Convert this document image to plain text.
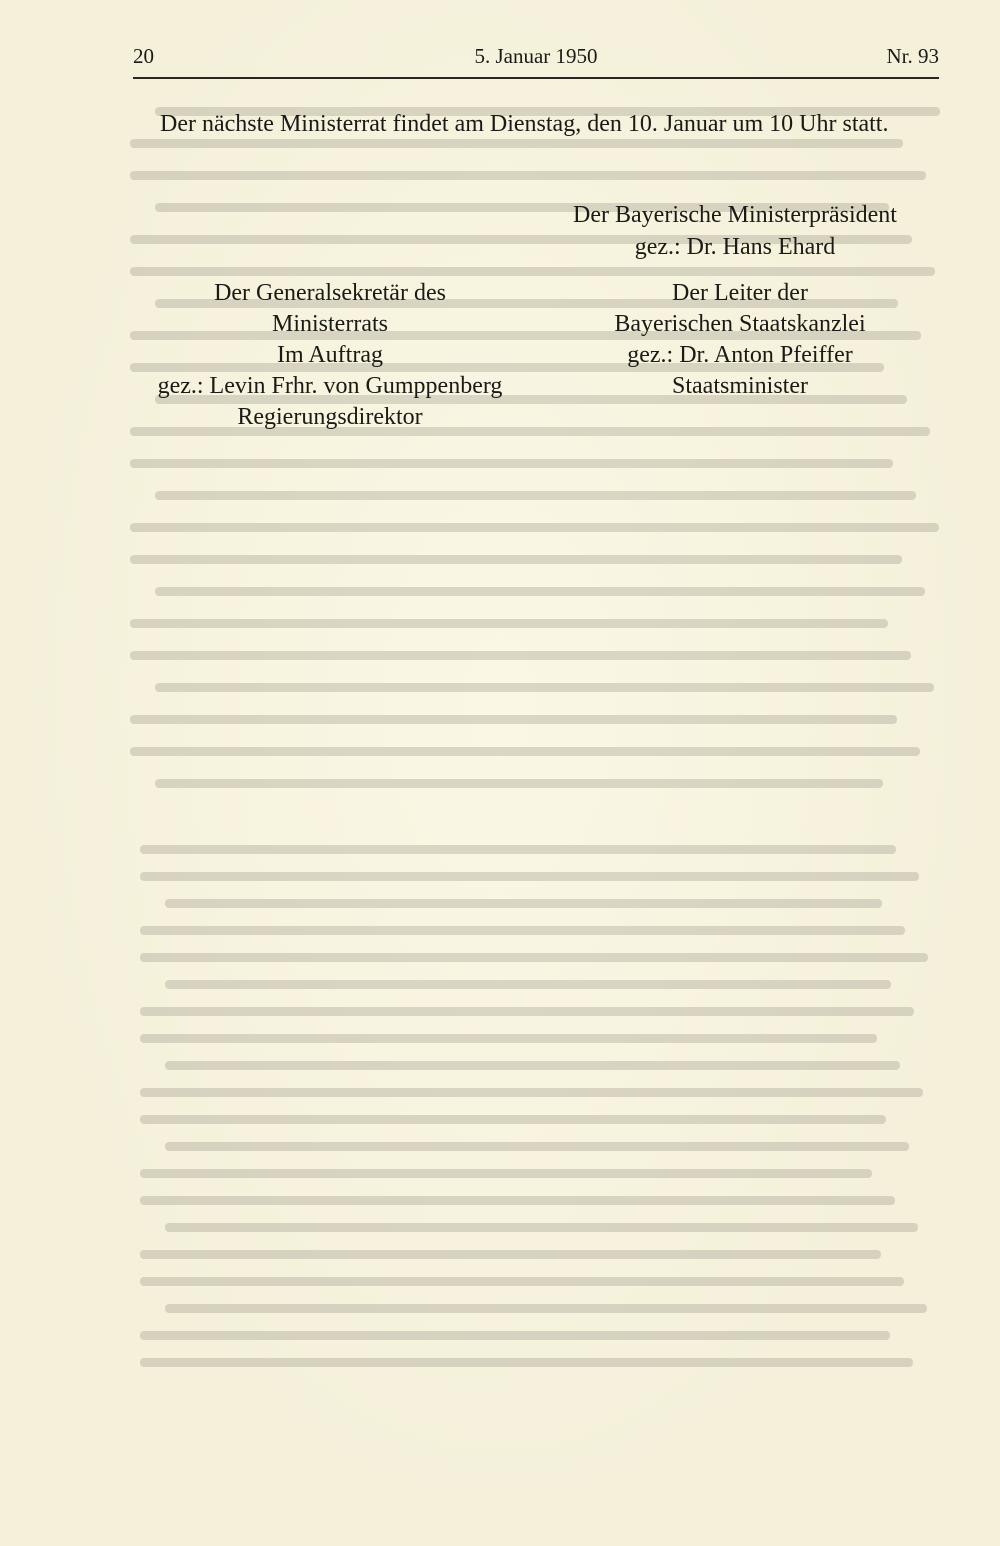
20	5. Januar 1950	Nr. 93
Der nächste Ministerrat findet am Dienstag, den 10. Januar um 10 Uhr statt.
Der Bayerische Ministerpräsident
gez.: Dr. Hans Ehard
Der Generalsekretär des
Ministerrats
Im Auftrag
gez.: Levin Frhr. von Gumppenberg
Regierungsdirektor
Der Leiter der
Bayerischen Staatskanzlei
gez.: Dr. Anton Pfeiffer
Staatsminister
